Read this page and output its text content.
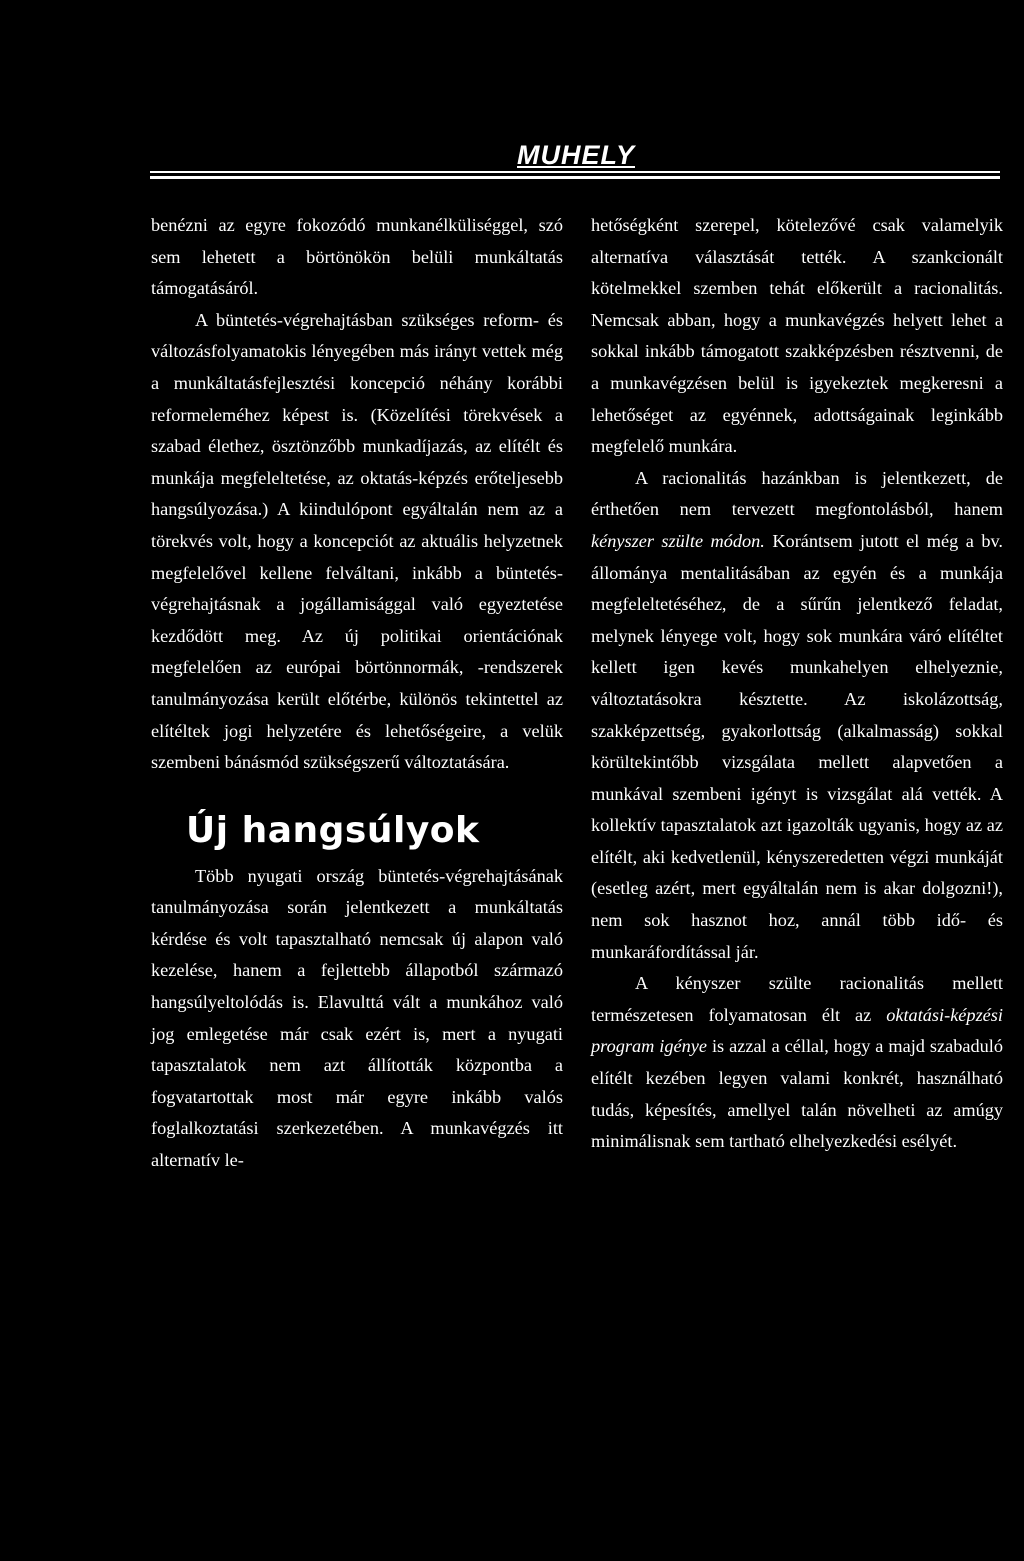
MUHELY

benézni az egyre fokozódó munkanélküliséggel, szó sem lehetett a börtönökön belüli munkáltatás támogatásáról.

A büntetés-végrehajtásban szükséges reform- és változásfolyamatokis lényegében más irányt vettek még a munkáltatásfejlesztési koncepció néhány korábbi reformeleméhez képest is. (Közelítési törekvések a szabad élethez, ösztönzőbb munkadíjazás, az elítélt és munkája megfeleltetése, az oktatás-képzés erőteljesebb hangsúlyozása.) A kiindulópont egyáltalán nem az a törekvés volt, hogy a koncepciót az aktuális helyzetnek megfelelővel kellene felváltani, inkább a büntetés- végrehajtásnak a jogállamisággal való egyeztetése kezdődött meg. Az új politikai orientációnak megfelelően az európai börtönnormák, -rendszerek tanulmányozása került előtérbe, különös tekintettel az elítéltek jogi helyzetére és lehetőségeire, a velük szembeni bánásmód szükségszerű változtatására.

Új hangsúlyok

Több nyugati ország büntetés-végrehajtásának tanulmányozása során jelentkezett a munkáltatás kérdése és volt tapasztalható nemcsak új alapon való kezelése, hanem a fejlettebb állapotból származó hangsúlyeltolódás is. Elavulttá vált a munkához való jog emlegetése már csak ezért is, mert a nyugati tapasztalatok nem azt állították központba a fogvatartottak most már egyre inkább valós foglalkoztatási szerkezetében. A munkavégzés itt alternatív le-

hetőségként szerepel, kötelezővé csak valamelyik alternatíva választását tették. A szankcionált kötelmekkel szemben tehát előkerült a racionalitás. Nemcsak abban, hogy a munkavégzés helyett lehet a sokkal inkább támogatott szakképzésben résztvenni, de a munkavégzésen belül is igyekeztek megkeresni a lehetőséget az egyénnek, adottságainak leginkább megfelelő munkára.

A racionalitás hazánkban is jelentkezett, de érthetően nem tervezett megfontolásból, hanem kényszer szülte módon. Korántsem jutott el még a bv. állománya mentalitásában az egyén és a munkája megfeleltetéséhez, de a sűrűn jelentkező feladat, melynek lényege volt, hogy sok munkára váró elítéltet kellett igen kevés munkahelyen elhelyeznie, változtatásokra késztette. Az iskolázottság, szakképzettség, gyakorlottság (alkalmasság) sokkal körültekintőbb vizsgálata mellett alapvetően a munkával szembeni igényt is vizsgálat alá vették. A kollektív tapasztalatok azt igazolták ugyanis, hogy az az elítélt, aki kedvetlenül, kényszeredetten végzi munkáját (esetleg azért, mert egyáltalán nem is akar dolgozni!), nem sok hasznot hoz, annál több idő- és munkaráfordítással jár.

A kényszer szülte racionalitás mellett természetesen folyamatosan élt az oktatási-képzési program igénye is azzal a céllal, hogy a majd szabaduló elítélt kezében legyen valami konkrét, használható tudás, képesítés, amellyel talán növelheti az amúgy minimálisnak sem tartható elhelyezkedési esélyét.
